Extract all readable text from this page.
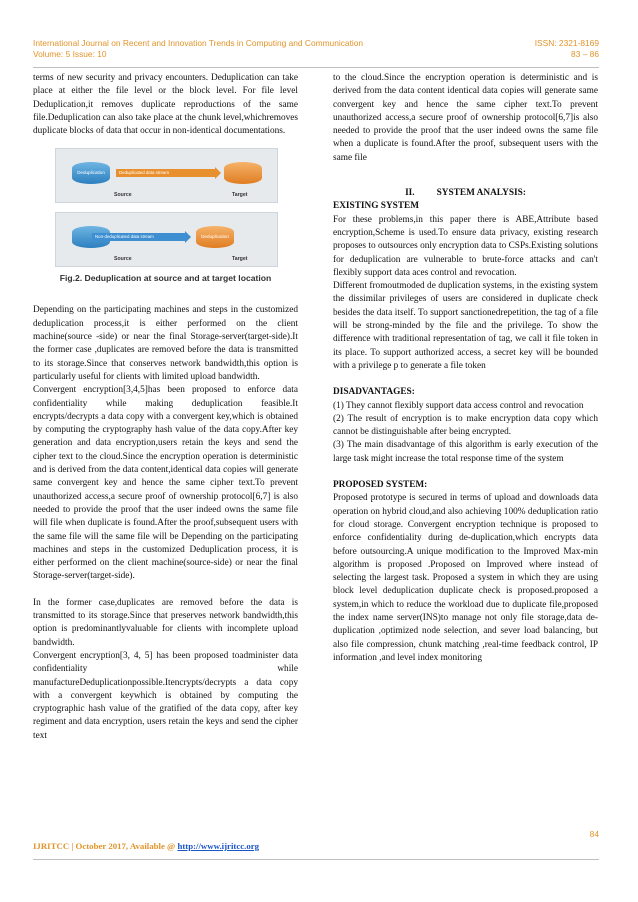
International Journal on Recent and Innovation Trends in Computing and Communication
Volume: 5 Issue: 10
ISSN: 2321-8169
83 – 86

terms of new security and privacy encounters. Deduplication can take place at either the file level or the block level. For file level Deduplication,it removes duplicate reproductions of the same file.Deduplication can also take place at the chunk level,whichremoves duplicate blocks of data that occur in non-identical documentations.

Deduplication	Deduplicated data stream
Source	Target
Non-deduplicated data stream	Deduplication
Source	Target
Fig.2. Deduplication at source and at target location

Depending on the participating machines and steps in the customized deduplication process,it is either performed on the client machine(source -side) or near the final Storage-server(target-side).It the former case ,duplicates are removed before the data is transmitted to its storage.Since that conserves network bandwidth,this option is particularly useful for clients with limited upload bandwidth.

Convergent encryption[3,4,5]has been proposed to enforce data confidentiality while making deduplication feasible.It encrypts/decrypts a data copy with a convergent key,which is obtained by computing the cryptography hash value of the data copy.After key generation and data encryption,users retain the keys and send the cipher text to the cloud.Since the encryption operation is deterministic and is derived from the data content,identical data copies will generate same convergent key and hence the same cipher text.To prevent unauthorized access,a secure proof of ownership protocol[6,7] is also needed to provide the proof that the user indeed owns the same file will file when duplicate is found.After the proof,subsequent users with the same file will the same file will be Depending on the participating machines and steps in the customized Deduplication process, it is either performed on the client machine(source-side) or near the final Storage-server(target-side).

In the former case,duplicates are removed before the data is transmitted to its storage.Since that preserves network bandwidth,this option is predominantlyvaluable for clients with incomplete upload bandwidth.

Convergent encryption[3, 4, 5] has been proposed toadminister data confidentiality while manufactureDeduplicationpossible.Itencrypts/decrypts a data copy with a convergent keywhich is obtained by computing the cryptographic hash value of the gratified of the data copy, after key regiment and data encryption, users retain the keys and send the cipher text

to the cloud.Since the encryption operation is deterministic and is derived from the data content identical data copies will generate same convergent key and hence the same cipher text.To prevent unauthorized access,a secure proof of ownership protocol[6,7]is also needed to provide the proof that the user indeed owns the same file when a duplicate is found.After the proof, subsequent users with the same file

II. SYSTEM ANALYSIS:

EXISTING SYSTEM

For these problems,in this paper there is ABE,Attribute based encryption,Scheme is used.To ensure data privacy, existing research proposes to outsources only encryption data to CSPs.Existing solutions for deduplication are vulnerable to brute-force attacks and can't flexibly support data aces control and revocation.

Different fromoutmoded de duplication systems, in the existing system the dissimilar privileges of users are considered in duplicate check besides the data itself. To support sanctionedrepetition, the tag of a file will be strong-minded by the file and the privilege. To show the difference with traditional representation of tag, we call it file token in its place. To support authorized access, a secret key will be bounded with a privilege p to generate a file token

DISADVANTAGES:

(1) They cannot flexibly support data access control and revocation

(2) The result of encryption is to make encryption data copy which cannot be distinguishable after being encrypted.

(3) The main disadvantage of this algorithm is early execution of the large task might increase the total response time of the system

PROPOSED SYSTEM:

Proposed prototype is secured in terms of upload and downloads data operation on hybrid cloud,and also achieving 100% deduplication ratio for cloud storage. Convergent encryption technique is proposed to enforce confidentiality during de-duplication,which encrypts data before outsourcing.A unique modification to the Improved Max-min algorithm is proposed .Proposed on Improved where instead of selecting the largest task. Proposed a system in which they are using block level deduplication duplicate check is proposed.proposed a system,in which to reduce the workload due to duplicate file,proposed the index name server(INS)to manage not only file storage,data de-duplication ,optimized node selection, and sever load balancing, but also file compression, chunk matching ,real-time feedback control, IP information ,and level index monitoring

84
IJRITCC | October 2017, Available @ http://www.ijritcc.org
